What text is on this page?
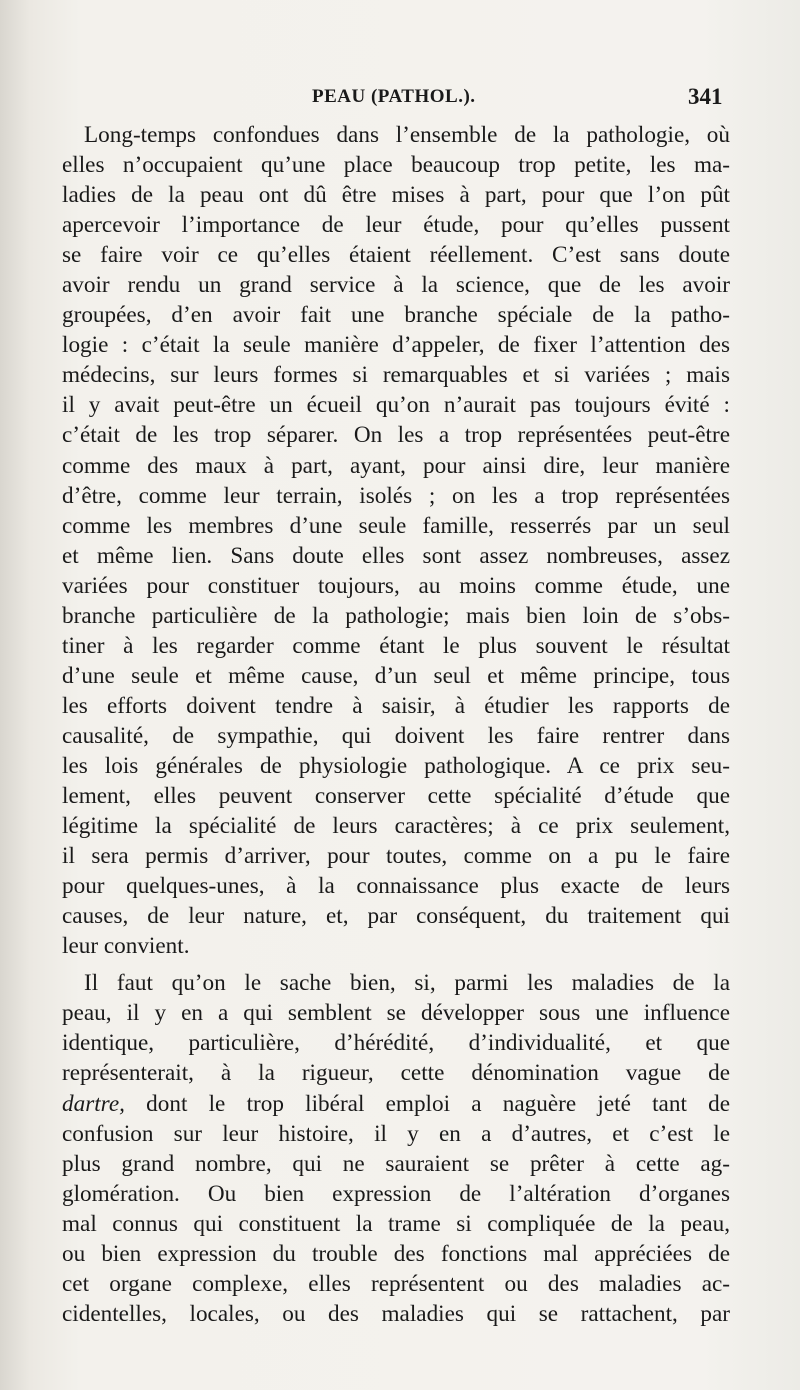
PEAU (PATHOL.).	341
Long-temps confondues dans l’ensemble de la pathologie, où
elles n’occupaient qu’une place beaucoup trop petite, les ma-
ladies de la peau ont dû être mises à part, pour que l’on pût
apercevoir l’importance de leur étude, pour qu’elles pussent
se faire voir ce qu’elles étaient réellement. C’est sans doute
avoir rendu un grand service à la science, que de les avoir
groupées, d’en avoir fait une branche spéciale de la patho-
logie : c’était la seule manière d’appeler, de fixer l’attention des
médecins, sur leurs formes si remarquables et si variées ; mais
il y avait peut-être un écueil qu’on n’aurait pas toujours évité :
c’était de les trop séparer. On les a trop représentées peut-être
comme des maux à part, ayant, pour ainsi dire, leur manière
d’être, comme leur terrain, isolés ; on les a trop représentées
comme les membres d’une seule famille, resserrés par un seul
et même lien. Sans doute elles sont assez nombreuses, assez
variées pour constituer toujours, au moins comme étude, une
branche particulière de la pathologie; mais bien loin de s’obs-
tiner à les regarder comme étant le plus souvent le résultat
d’une seule et même cause, d’un seul et même principe, tous
les efforts doivent tendre à saisir, à étudier les rapports de
causalité, de sympathie, qui doivent les faire rentrer dans
les lois générales de physiologie pathologique. A ce prix seu-
lement, elles peuvent conserver cette spécialité d’étude que
légitime la spécialité de leurs caractères; à ce prix seulement,
il sera permis d’arriver, pour toutes, comme on a pu le faire
pour quelques-unes, à la connaissance plus exacte de leurs
causes, de leur nature, et, par conséquent, du traitement qui
leur convient.
Il faut qu’on le sache bien, si, parmi les maladies de la
peau, il y en a qui semblent se développer sous une influence
identique, particulière, d’hérédité, d’individualité, et que
représenterait, à la rigueur, cette dénomination vague de
dartre, dont le trop libéral emploi a naguère jeté tant de
confusion sur leur histoire, il y en a d’autres, et c’est le
plus grand nombre, qui ne sauraient se prêter à cette ag-
glomération. Ou bien expression de l’altération d’organes
mal connus qui constituent la trame si compliquée de la peau,
ou bien expression du trouble des fonctions mal appréciées de
cet organe complexe, elles représentent ou des maladies ac-
cidentelles, locales, ou des maladies qui se rattachent, par
